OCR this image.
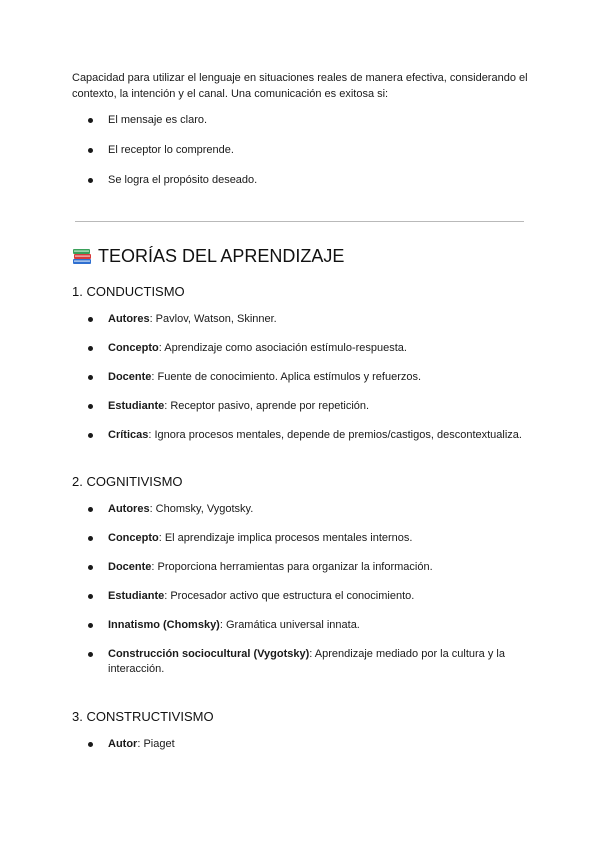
Capacidad para utilizar el lenguaje en situaciones reales de manera efectiva, considerando el contexto, la intención y el canal. Una comunicación es exitosa si:

El mensaje es claro.
El receptor lo comprende.
Se logra el propósito deseado.
TEORÍAS DEL APRENDIZAJE
1. CONDUCTISMO
Autores: Pavlov, Watson, Skinner.
Concepto: Aprendizaje como asociación estímulo-respuesta.
Docente: Fuente de conocimiento. Aplica estímulos y refuerzos.
Estudiante: Receptor pasivo, aprende por repetición.
Críticas: Ignora procesos mentales, depende de premios/castigos, descontextualiza.
2. COGNITIVISMO
Autores: Chomsky, Vygotsky.
Concepto: El aprendizaje implica procesos mentales internos.
Docente: Proporciona herramientas para organizar la información.
Estudiante: Procesador activo que estructura el conocimiento.
Innatismo (Chomsky): Gramática universal innata.
Construcción sociocultural (Vygotsky): Aprendizaje mediado por la cultura y la interacción.
3. CONSTRUCTIVISMO
Autor: Piaget
